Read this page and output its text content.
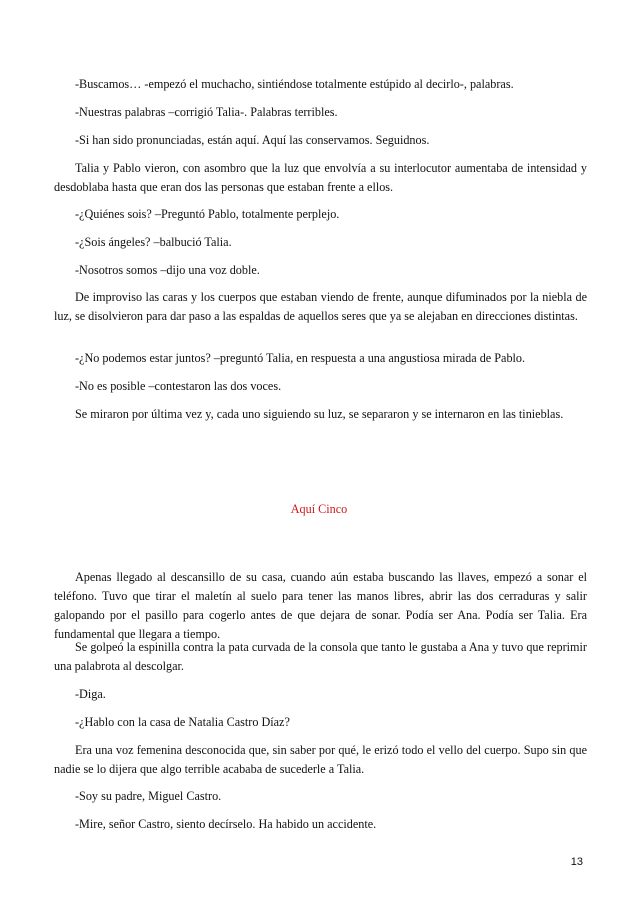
-Buscamos… -empezó el muchacho, sintiéndose totalmente estúpido al decirlo-, palabras.

-Nuestras palabras –corrigió Talia-. Palabras terribles.

-Si han sido pronunciadas, están aquí. Aquí las conservamos. Seguidnos.

Talia y Pablo vieron, con asombro que la luz que envolvía a su interlocutor aumentaba de intensidad y desdoblaba hasta que eran dos las personas que estaban frente a ellos.

-¿Quiénes sois? –Preguntó Pablo, totalmente perplejo.

-¿Sois ángeles? –balbució Talia.

-Nosotros somos –dijo una voz doble.

De improviso las caras y los cuerpos que estaban viendo de frente, aunque difuminados por la niebla de luz, se disolvieron para dar paso a las espaldas de aquellos seres que ya se alejaban en direcciones distintas.

-¿No podemos estar juntos? –preguntó Talia, en respuesta a una angustiosa mirada de Pablo.

-No es posible –contestaron las dos voces.

Se miraron por última vez y, cada uno siguiendo su luz, se separaron y se internaron en las tinieblas.

Aquí Cinco

Apenas llegado al descansillo de su casa, cuando aún estaba buscando las llaves, empezó a sonar el teléfono. Tuvo que tirar el maletín al suelo para tener las manos libres, abrir las dos cerraduras y salir galopando por el pasillo para cogerlo antes de que dejara de sonar. Podía ser Ana. Podía ser Talia. Era fundamental que llegara a tiempo.

Se golpeó la espinilla contra la pata curvada de la consola que tanto le gustaba a Ana y tuvo que reprimir una palabrota al descolgar.

-Diga.

-¿Hablo con la casa de Natalia Castro Díaz?

Era una voz femenina desconocida que, sin saber por qué, le erizó todo el vello del cuerpo. Supo sin que nadie se lo dijera que algo terrible acababa de sucederle a Talia.

-Soy su padre, Miguel Castro.

-Mire, señor Castro, siento decírselo. Ha habido un accidente.

13
